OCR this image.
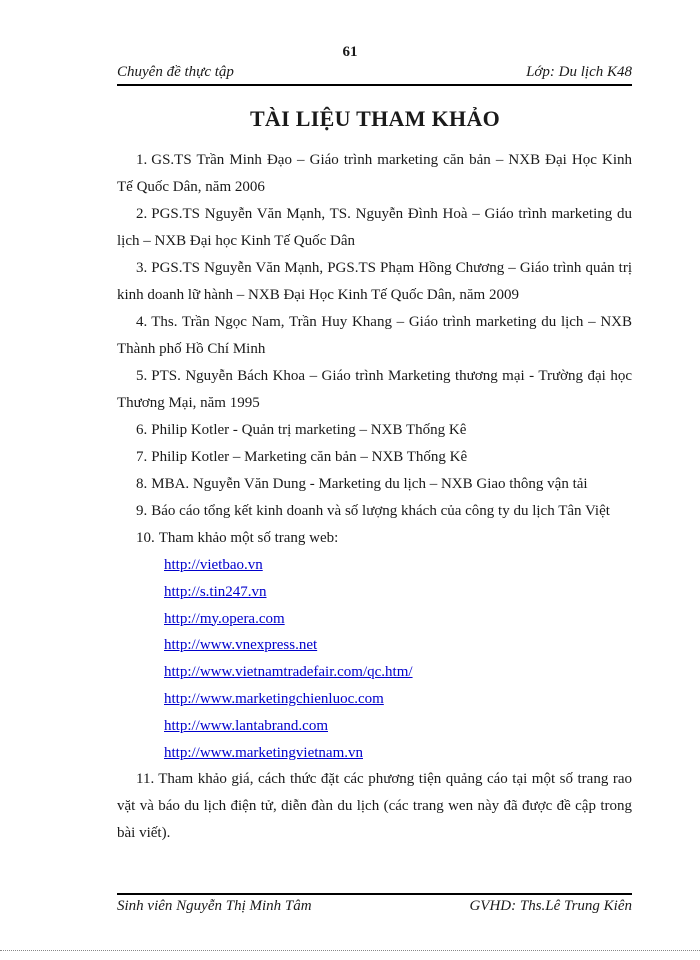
61
Chuyên đề thực tập	Lớp: Du lịch K48
TÀI LIỆU THAM KHẢO

1. GS.TS Trần Minh Đạo – Giáo trình marketing căn bản – NXB Đại Học Kinh Tế Quốc Dân, năm 2006

2. PGS.TS Nguyễn Văn Mạnh, TS. Nguyễn Đình Hoà – Giáo trình marketing du lịch – NXB Đại học Kinh Tế Quốc Dân

3. PGS.TS Nguyễn Văn Mạnh, PGS.TS Phạm Hồng Chương – Giáo trình quản trị kinh doanh lữ hành – NXB Đại Học Kinh Tế Quốc Dân, năm 2009

4. Ths. Trần Ngọc Nam, Trần Huy Khang – Giáo trình marketing du lịch – NXB Thành phố Hồ Chí Minh

5. PTS. Nguyễn Bách Khoa – Giáo trình Marketing thương mại - Trường đại học Thương Mại, năm 1995

6. Philip Kotler - Quản trị marketing – NXB Thống Kê

7. Philip Kotler – Marketing căn bản – NXB Thống Kê

8. MBA. Nguyễn Văn Dung - Marketing du lịch – NXB Giao thông vận tải

9. Báo cáo tổng kết kinh doanh và số lượng khách của công ty du lịch Tân Việt

10. Tham khảo một số trang web:

http://vietbao.vn
http://s.tin247.vn
http://my.opera.com
http://www.vnexpress.net
http://www.vietnamtradefair.com/qc.htm/
http://www.marketingchienluoc.com
http://www.lantabrand.com
http://www.marketingvietnam.vn

11. Tham khảo giá, cách thức đặt các phương tiện quảng cáo tại một số trang rao vặt và báo du lịch điện tử, diễn đàn du lịch (các trang wen này đã được đề cập trong bài viết).

Sinh viên Nguyễn Thị Minh Tâm	GVHD: Ths.Lê Trung Kiên
